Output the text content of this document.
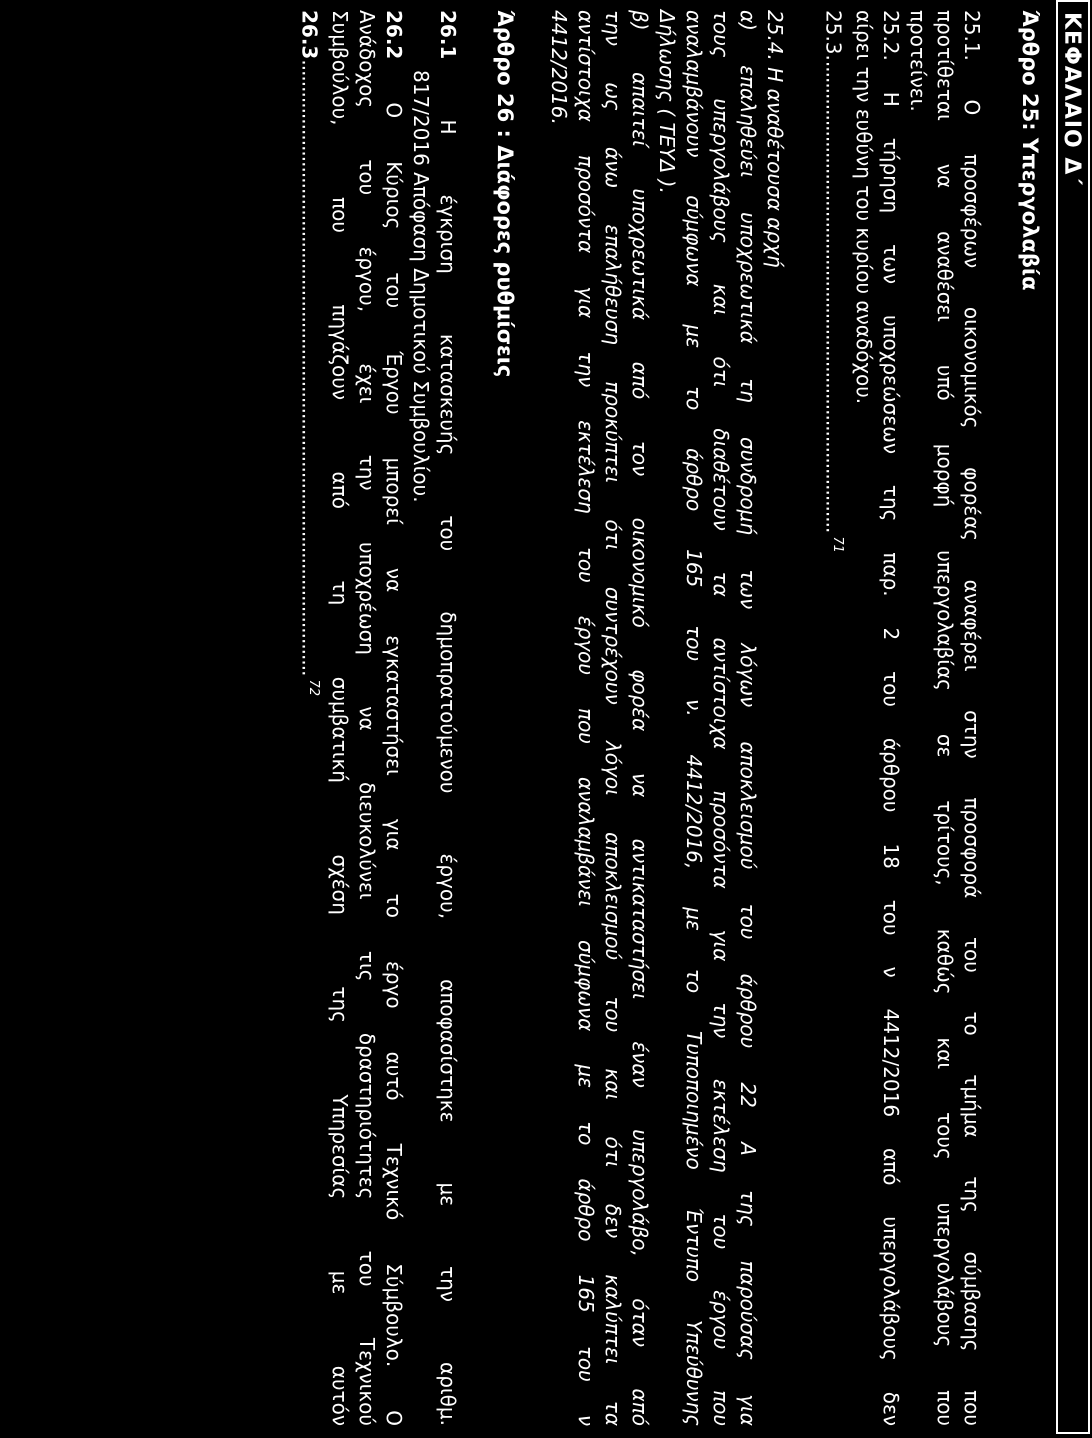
ΚΕΦΑΛΑΙΟ Δ΄
Άρθρο 25: Υπεργολαβία
25.1. Ο προσφέρων οικονομικός φορέας αναφέρει στην προσφορά του το τμήμα της σύμβασης που
προτίθεται να αναθέσει υπό μορφή υπεργολαβίας σε τρίτους, καθώς και τους υπεργολάβους που
προτείνει.
25.2. Η τήρηση των υποχρεώσεων της παρ. 2 του άρθρου 18 του ν 4412/2016 από υπεργολάβους δεν
αίρει την ευθύνη του κυρίου αναδόχου.
25.3.........................................................................................$^{71}$
25.4. Η αναθέτουσα αρχή
α) επαληθεύει υποχρεωτικά τη συνδρομή των λόγων αποκλεισμού του άρθρου 22 Α της παρούσας για
τους υπεργολάβους και ότι διαθέτουν τα αντίστοιχα προσόντα για την εκτέλεση του έργου που
αναλαμβάνουν σύμφωνα με το άρθρο 165 του ν. 4412/2016, με το Τυποποιημένο Έντυπο Υπεύθυνης
Δήλωσης ( ΤΕΥΔ ).
β) απαιτεί υποχρεωτικά από τον οικονομικό φορέα να αντικαταστήσει έναν υπεργολάβο, όταν από
την ως άνω επαλήθευση προκύπτει ότι συντρέχουν λόγοι αποκλεισμού του και ότι δεν καλύπτει τα
αντίστοιχα προσόντα για την εκτέλεση του έργου που αναλαμβάνει σύμφωνα με το άρθρο 165 του ν
4412/2016.
Άρθρο 26 : Διάφορες ρυθμίσεις
26.1 Η έγκριση κατασκευής του δημοπρατούμενου έργου, αποφασίστηκε με την αριθμ.
817/2016 Απόφαση Δημοτικού Συμβουλίου.
26.2 Ο Κύριος του Έργου μπορεί να εγκαταστήσει για το έργο αυτό Τεχνικό Σύμβουλο. Ο
Ανάδοχος του έργου, έχει την υποχρέωση να διευκολύνει τις δραστηριότητες του Τεχνικού
Συμβούλου, που πηγάζουν από τη συμβατική σχέση της Υπηρεσίας με αυτόν
26.3...................................................................................................................$^{72}$
